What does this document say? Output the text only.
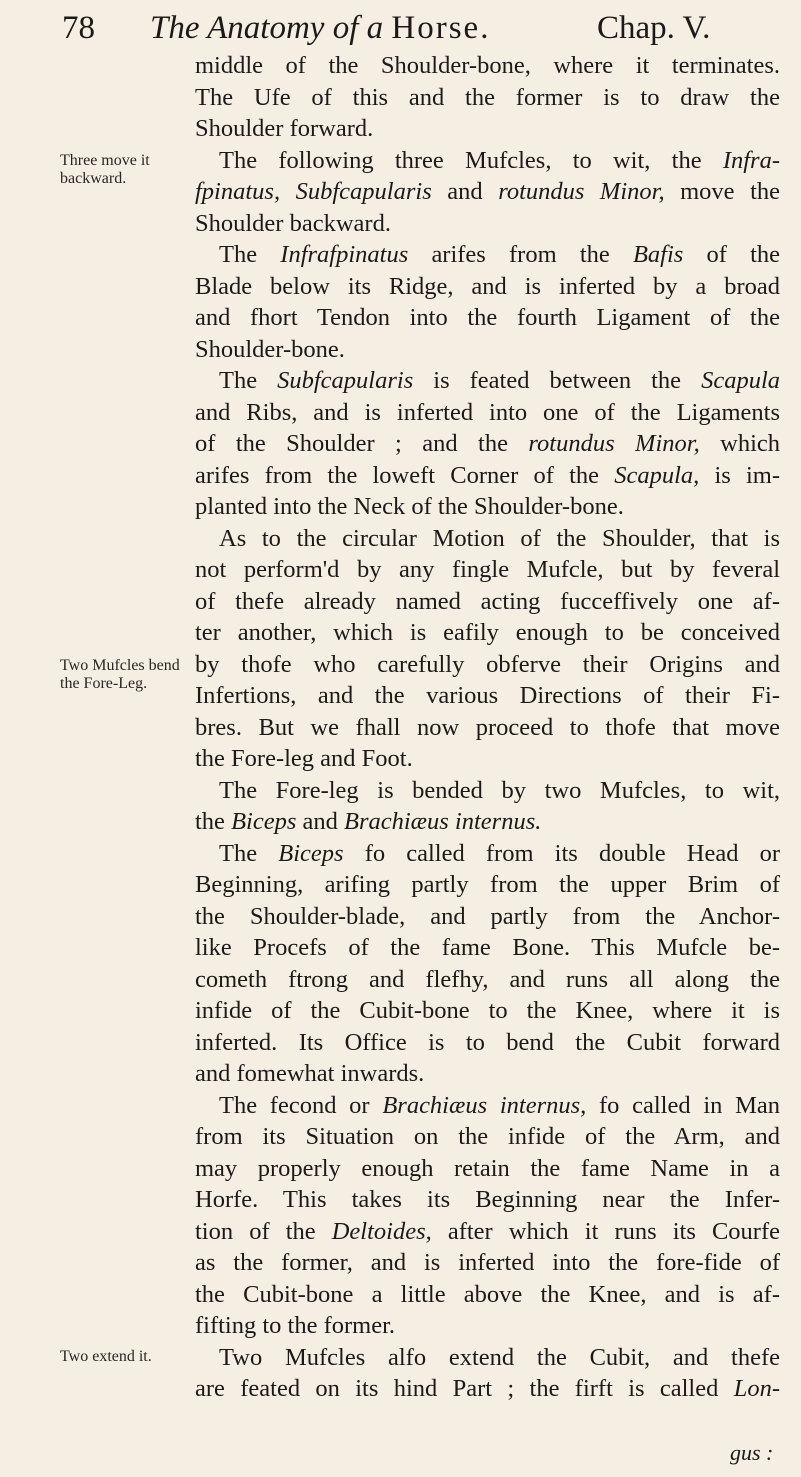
78 The Anatomy of a Horse.	Chap. V.
Three move it backward.
Two Mufcles bend the Fore-Leg.
Two extend it.
middle of the Shoulder-bone, where it terminates.
The Ufe of this and the former is to draw the
Shoulder forward.
The following three Mufcles, to wit, the Infra-
fpinatus, Subfcapularis and rotundus Minor, move the
Shoulder backward.
The Infrafpinatus arifes from the Bafis of the
Blade below its Ridge, and is inferted by a broad
and fhort Tendon into the fourth Ligament of the
Shoulder-bone.
The Subfcapularis is feated between the Scapula
and Ribs, and is inferted into one of the Ligaments
of the Shoulder ; and the rotundus Minor, which
arifes from the loweft Corner of the Scapula, is im-
planted into the Neck of the Shoulder-bone.
As to the circular Motion of the Shoulder, that is
not perform'd by any fingle Mufcle, but by feveral
of thefe already named acting fucceffively one af-
ter another, which is eafily enough to be conceived
by thofe who carefully obferve their Origins and
Infertions, and the various Directions of their Fi-
bres. But we fhall now proceed to thofe that move
the Fore-leg and Foot.
The Fore-leg is bended by two Mufcles, to wit,
the Biceps and Brachiæus internus.
The Biceps fo called from its double Head or
Beginning, arifing partly from the upper Brim of
the Shoulder-blade, and partly from the Anchor-
like Procefs of the fame Bone. This Mufcle be-
cometh ftrong and flefhy, and runs all along the
infide of the Cubit-bone to the Knee, where it is
inferted. Its Office is to bend the Cubit forward
and fomewhat inwards.
The fecond or Brachiæus internus, fo called in Man
from its Situation on the infide of the Arm, and
may properly enough retain the fame Name in a
Horfe. This takes its Beginning near the Infer-
tion of the Deltoides, after which it runs its Courfe
as the former, and is inferted into the fore-fide of
the Cubit-bone a little above the Knee, and is af-
fifting to the former.
Two Mufcles alfo extend the Cubit, and thefe
are feated on its hind Part ; the firft is called Lon-
gus :
